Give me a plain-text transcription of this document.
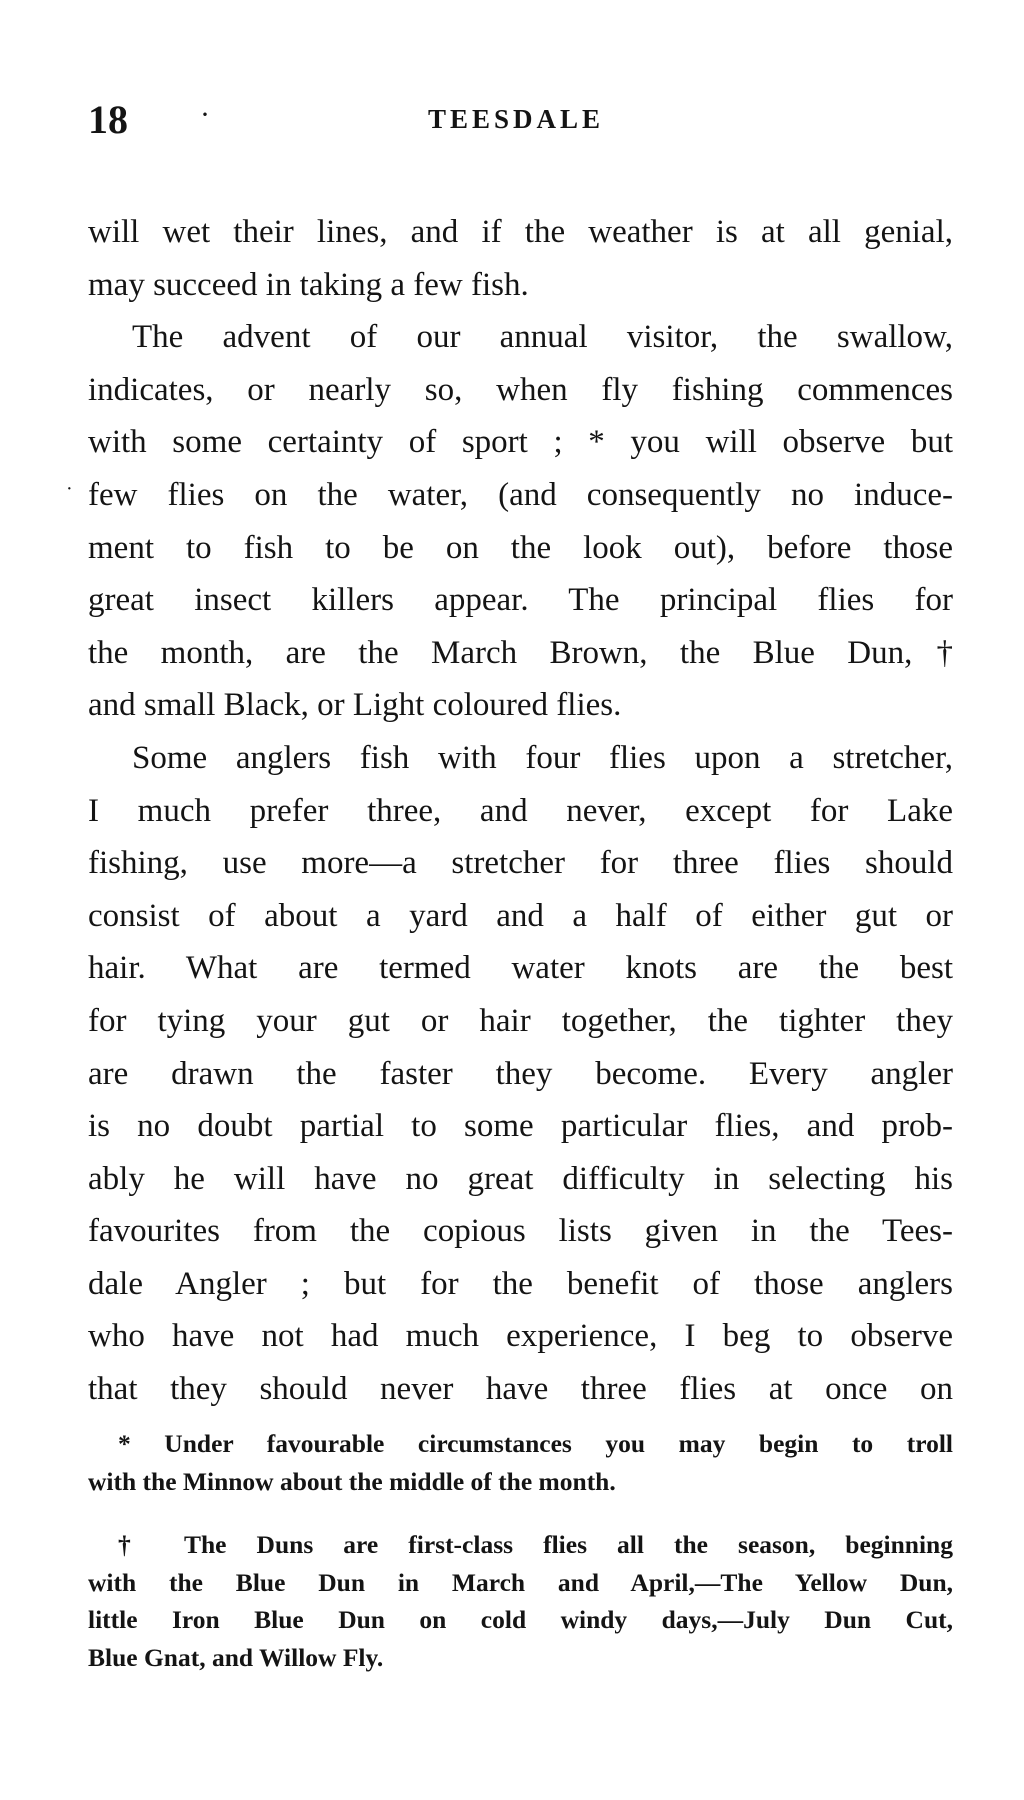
18 ·	TEESDALE
·
will wet their lines, and if the weather is at all genial,
may succeed in taking a few fish.
The advent of our annual visitor, the swallow,
indicates, or nearly so, when fly fishing commences
with some certainty of sport ; * you will observe but
few flies on the water, (and consequently no induce-
ment to fish to be on the look out), before those
great insect killers appear. The principal flies for
the month, are the March Brown, the Blue Dun,†
and small Black, or Light coloured flies.
Some anglers fish with four flies upon a stretcher,
I much prefer three, and never, except for Lake
fishing, use more—a stretcher for three flies should
consist of about a yard and a half of either gut or
hair. What are termed water knots are the best
for tying your gut or hair together, the tighter they
are drawn the faster they become. Every angler
is no doubt partial to some particular flies, and prob-
ably he will have no great difficulty in selecting his
favourites from the copious lists given in the Tees-
dale Angler ; but for the benefit of those anglers
who have not had much experience, I beg to observe
that they should never have three flies at once on
* Under favourable circumstances you may begin to troll
with the Minnow about the middle of the month.
† The Duns are first-class flies all the season, beginning
with the Blue Dun in March and April,—The Yellow Dun,
little Iron Blue Dun on cold windy days,—July Dun Cut,
Blue Gnat, and Willow Fly.
